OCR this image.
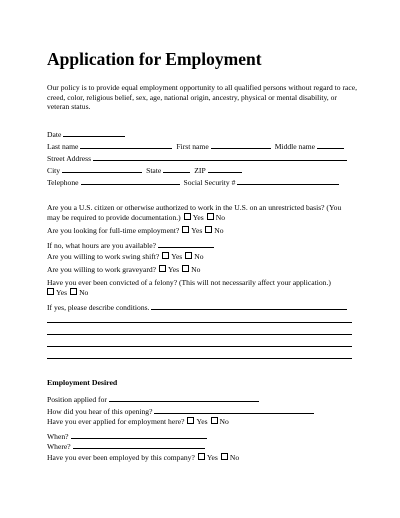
Application for Employment
Our policy is to provide equal employment opportunity to all qualified persons without regard to race, creed, color, religious belief, sex, age, national origin, ancestry, physical or mental disability, or veteran status.
Date
Last name	First name	Middle name
Street Address
City	State	ZIP
Telephone	Social Security #
Are you a U.S. citizen or otherwise authorized to work in the U.S. on an unrestricted basis? (You
may be required to provide documentation.) Yes No
Are you looking for full-time employment? Yes No
If no, what hours are you available?
Are you willing to work swing shift? Yes No
Are you willing to work graveyard? Yes No
Have you ever been convicted of a felony? (This will not necessarily affect your application.)
Yes No
If yes, please describe conditions.
Employment Desired
Position applied for
How did you hear of this opening?
Have you ever applied for employment here? Yes No
When?
Where?
Have you ever been employed by this company? Yes No
